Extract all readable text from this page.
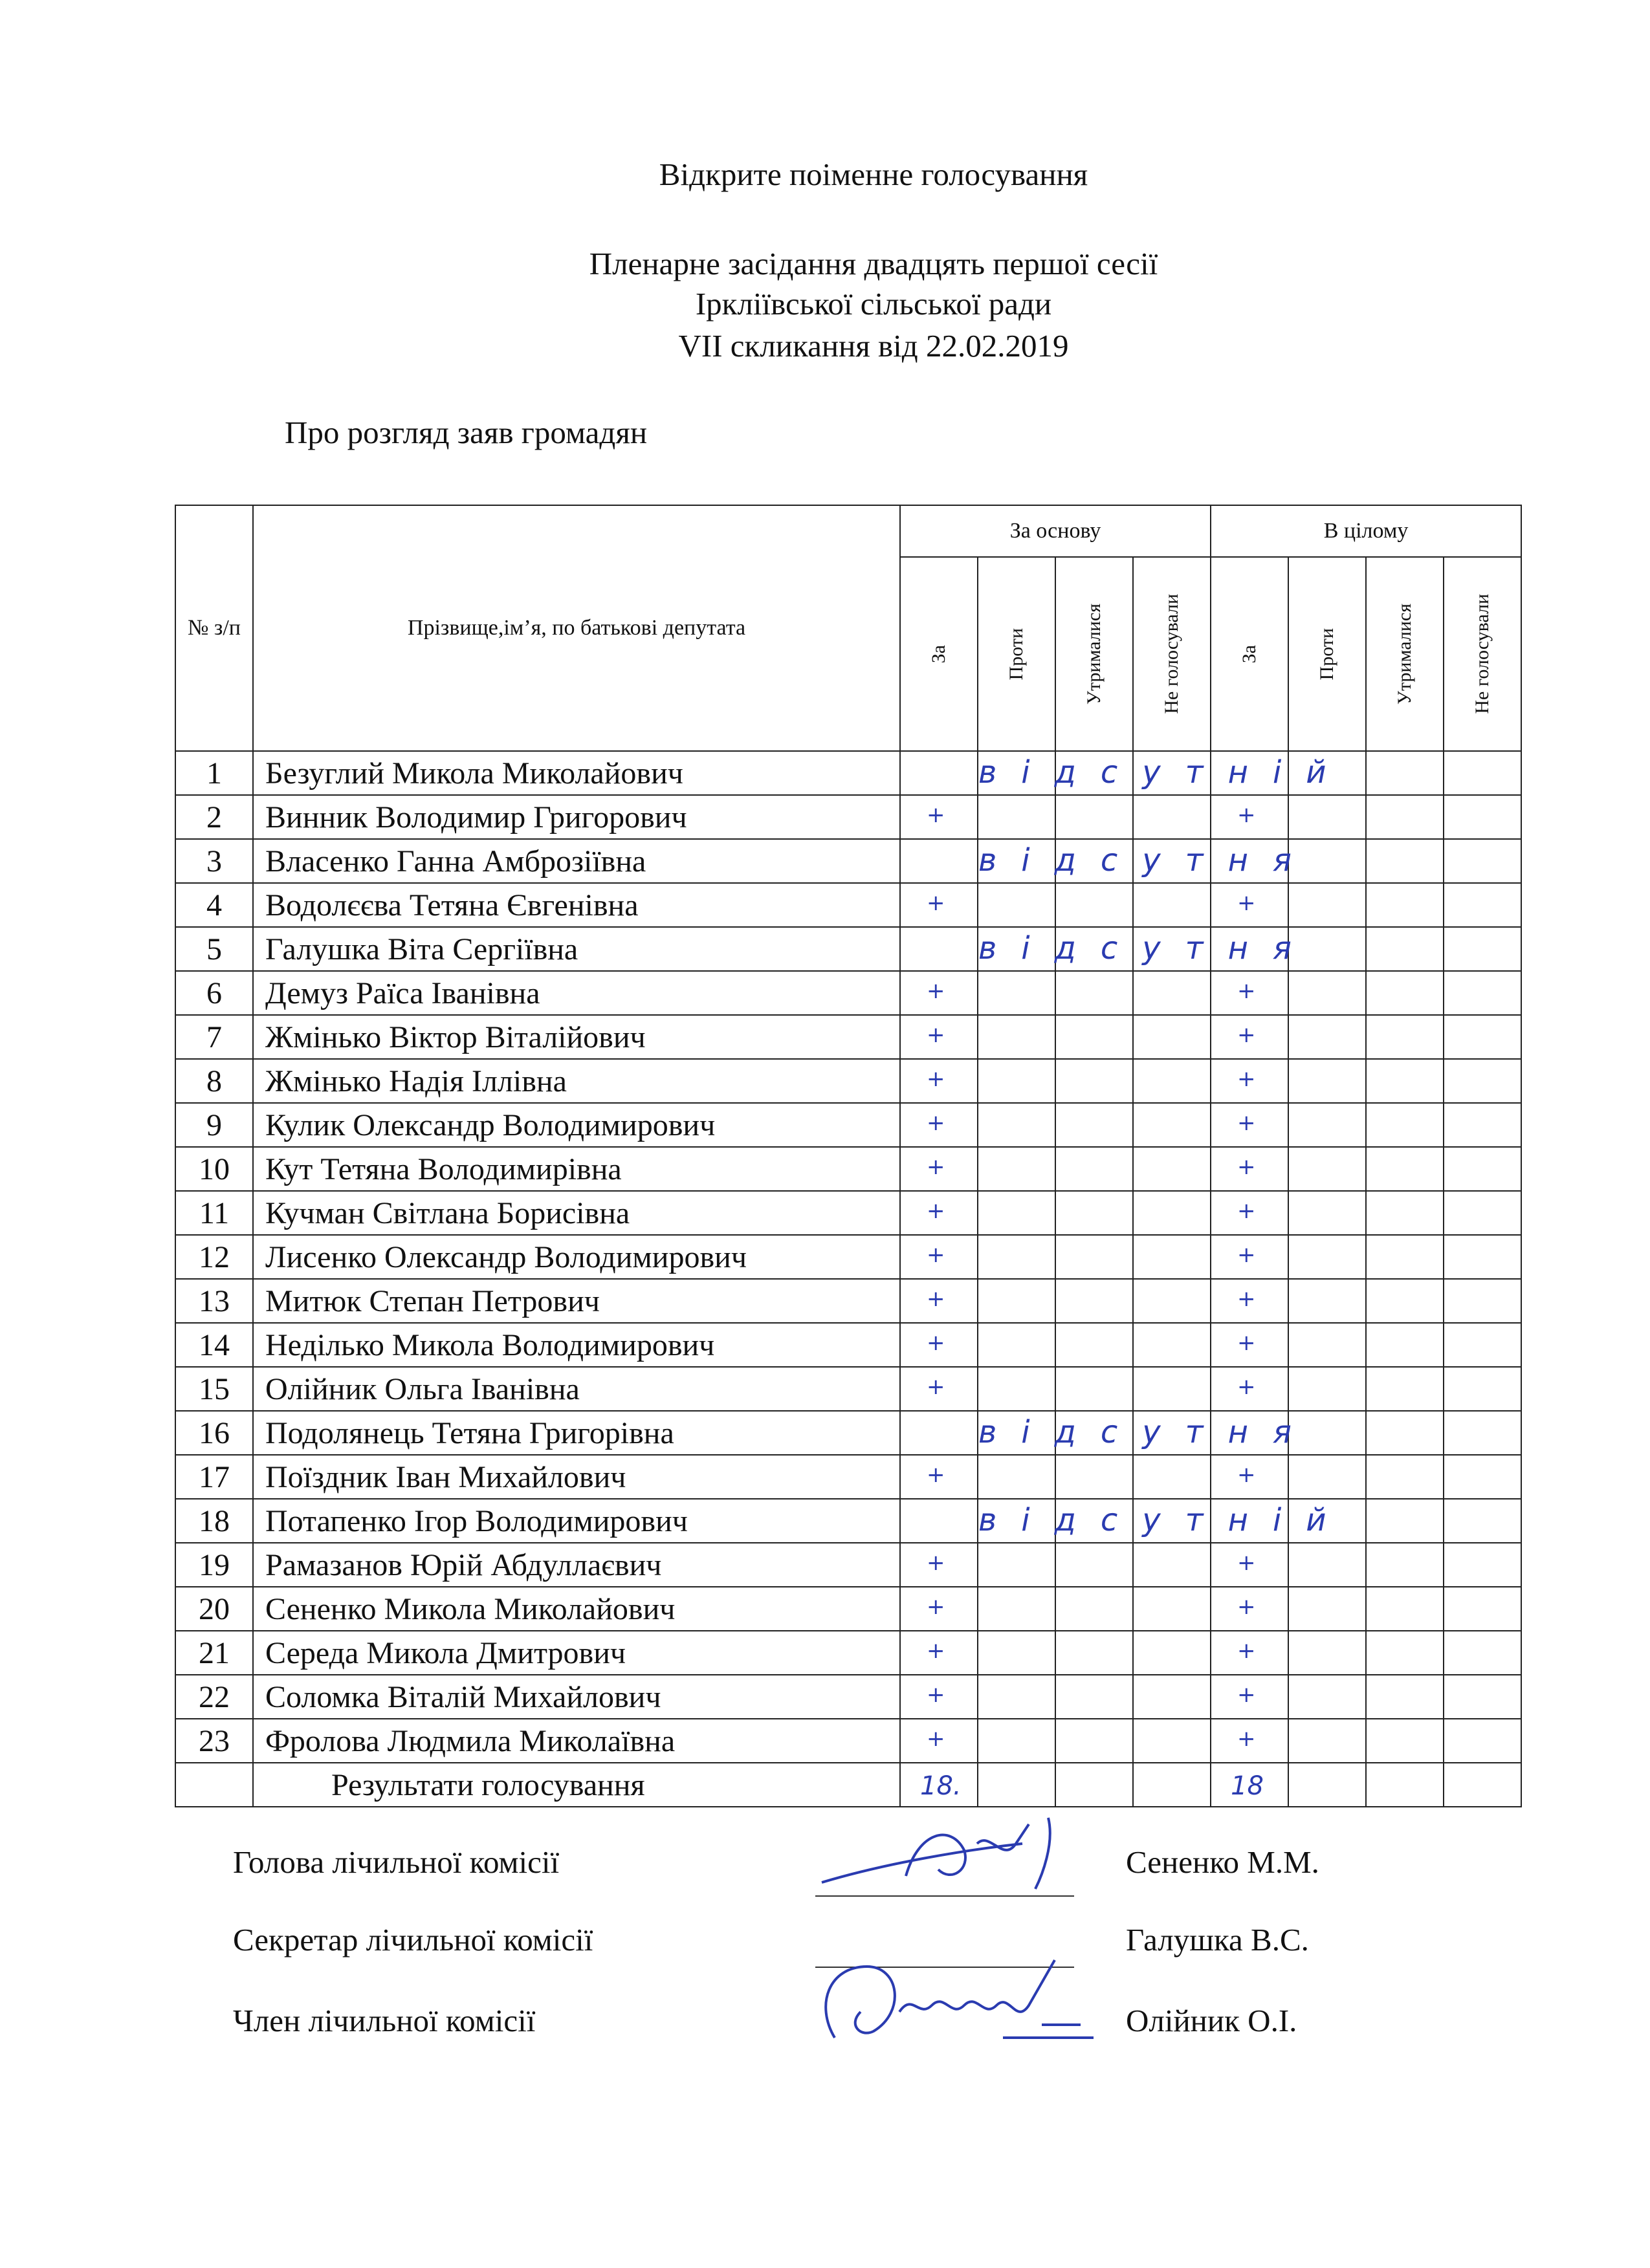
Відкрите поіменне голосування
Пленарне засідання двадцять першої сесії
Ірклiївської сільської ради
VII скликання від 22.02.2019
Про розгляд заяв громадян
№ з/п	Прізвище,ім’я, по батькові депутата	За основу				В цілому			

		За	Проти	Утрималися	Не голосували	За	Проти	Утрималися	Не голосували

1	Безуглий Микола Миколайович		відсутній						

2	Винник Володимир Григорович	+				+			

3	Власенко Ганна Амброзіївна		відсутня						

4	Водолєєва Тетяна Євгенівна	+				+			

5	Галушка Віта Сергіївна		відсутня						

6	Демуз Раїса Іванівна	+				+			

7	Жмінько Віктор Віталійович	+				+			

8	Жмінько Надія Іллівна	+				+			

9	Кулик Олександр Володимирович	+				+			

10	Кут Тетяна Володимирівна	+				+			

11	Кучман Світлана Борисівна	+				+			

12	Лисенко Олександр Володимирович	+				+			

13	Митюк Степан Петрович	+				+			

14	Неділько Микола Володимирович	+				+			

15	Олійник Ольга Іванівна	+				+			

16	Подолянець Тетяна Григорівна		відсутня						

17	Поїздник Іван Михайлович	+				+			

18	Потапенко Ігор Володимирович		відсутній						

19	Рамазанов Юрій Абдуллаєвич	+				+			

20	Сененко Микола Миколайович	+				+			

21	Середа Микола Дмитрович	+				+			

22	Соломка Віталій Михайлович	+				+			

23	Фролова Людмила Миколаївна	+				+			

	Результати голосування	18.				18			

Голова лічильної комісії	Сененко М.М.
Секретар лічильної комісії	Галушка В.С.
Член лічильної комісії	Олійник О.І.
